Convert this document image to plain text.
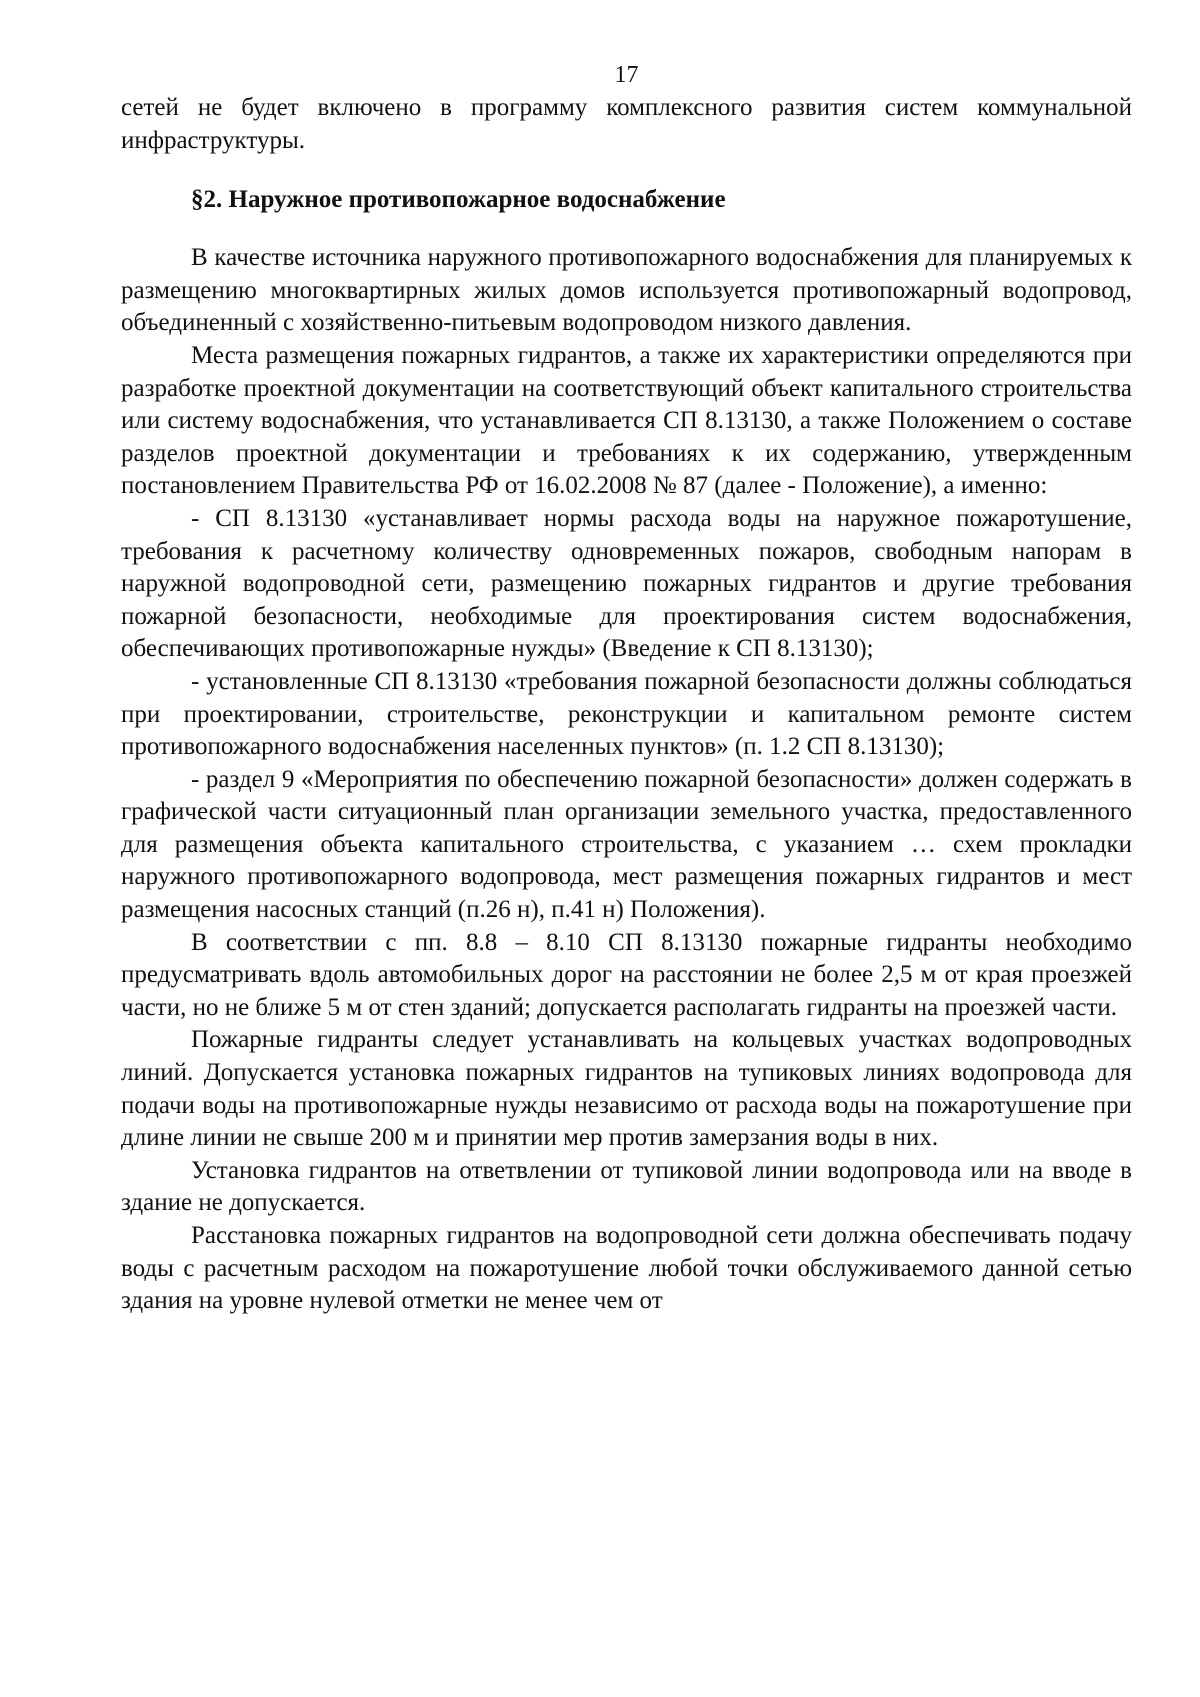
17

сетей не будет включено в программу комплексного развития систем коммунальной инфраструктуры.

§2. Наружное противопожарное водоснабжение

В качестве источника наружного противопожарного водоснабжения для планируемых к размещению многоквартирных жилых домов используется противопожарный водопровод, объединенный с хозяйственно-питьевым водопроводом низкого давления.

Места размещения пожарных гидрантов, а также их характеристики определяются при разработке проектной документации на соответствующий объект капитального строительства или систему водоснабжения, что устанавливается СП 8.13130, а также Положением о составе разделов проектной документации и требованиях к их содержанию, утвержденным постановлением Правительства РФ от 16.02.2008 № 87 (далее - Положение), а именно:

- СП 8.13130 «устанавливает нормы расхода воды на наружное пожаротушение, требования к расчетному количеству одновременных пожаров, свободным напорам в наружной водопроводной сети, размещению пожарных гидрантов и другие требования пожарной безопасности, необходимые для проектирования систем водоснабжения, обеспечивающих противопожарные нужды» (Введение к СП 8.13130);

- установленные СП 8.13130 «требования пожарной безопасности должны соблюдаться при проектировании, строительстве, реконструкции и капитальном ремонте систем противопожарного водоснабжения населенных пунктов» (п. 1.2 СП 8.13130);

- раздел 9 «Мероприятия по обеспечению пожарной безопасности» должен содержать в графической части ситуационный план организации земельного участка, предоставленного для размещения объекта капитального строительства, с указанием … схем прокладки наружного противопожарного водопровода, мест размещения пожарных гидрантов и мест размещения насосных станций (п.26 н), п.41 н) Положения).

В соответствии с пп. 8.8 – 8.10 СП 8.13130 пожарные гидранты необходимо предусматривать вдоль автомобильных дорог на расстоянии не более 2,5 м от края проезжей части, но не ближе 5 м от стен зданий; допускается располагать гидранты на проезжей части.

Пожарные гидранты следует устанавливать на кольцевых участках водопроводных линий. Допускается установка пожарных гидрантов на тупиковых линиях водопровода для подачи воды на противопожарные нужды независимо от расхода воды на пожаротушение при длине линии не свыше 200 м и принятии мер против замерзания воды в них.

Установка гидрантов на ответвлении от тупиковой линии водопровода или на вводе в здание не допускается.

Расстановка пожарных гидрантов на водопроводной сети должна обеспечивать подачу воды с расчетным расходом на пожаротушение любой точки обслуживаемого данной сетью здания на уровне нулевой отметки не менее чем от
